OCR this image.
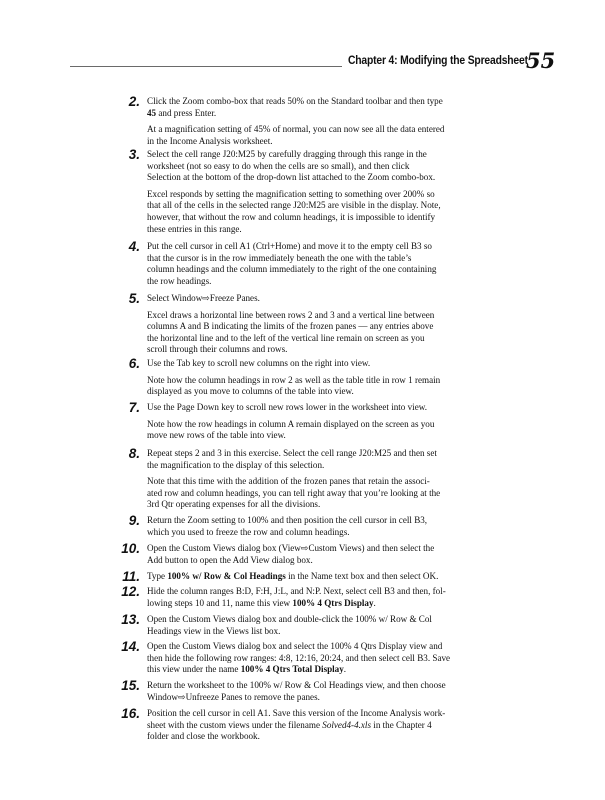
Chapter 4: Modifying the Spreadsheet
55
2. Click the Zoom combo-box that reads 50% on the Standard toolbar and then type
45 and press Enter.
At a magnification setting of 45% of normal, you can now see all the data entered
in the Income Analysis worksheet.
3. Select the cell range J20:M25 by carefully dragging through this range in the
worksheet (not so easy to do when the cells are so small), and then click
Selection at the bottom of the drop-down list attached to the Zoom combo-box.
Excel responds by setting the magnification setting to something over 200% so
that all of the cells in the selected range J20:M25 are visible in the display. Note,
however, that without the row and column headings, it is impossible to identify
these entries in this range.
4. Put the cell cursor in cell A1 (Ctrl+Home) and move it to the empty cell B3 so
that the cursor is in the row immediately beneath the one with the table’s
column headings and the column immediately to the right of the one containing
the row headings.
5. Select Window⇨Freeze Panes.
Excel draws a horizontal line between rows 2 and 3 and a vertical line between
columns A and B indicating the limits of the frozen panes — any entries above
the horizontal line and to the left of the vertical line remain on screen as you
scroll through their columns and rows.
6. Use the Tab key to scroll new columns on the right into view.
Note how the column headings in row 2 as well as the table title in row 1 remain
displayed as you move to columns of the table into view.
7. Use the Page Down key to scroll new rows lower in the worksheet into view.
Note how the row headings in column A remain displayed on the screen as you
move new rows of the table into view.
8. Repeat steps 2 and 3 in this exercise. Select the cell range J20:M25 and then set
the magnification to the display of this selection.
Note that this time with the addition of the frozen panes that retain the associ-
ated row and column headings, you can tell right away that you’re looking at the
3rd Qtr operating expenses for all the divisions.
9. Return the Zoom setting to 100% and then position the cell cursor in cell B3,
which you used to freeze the row and column headings.
10. Open the Custom Views dialog box (View⇨Custom Views) and then select the
Add button to open the Add View dialog box.
11. Type 100% w/ Row & Col Headings in the Name text box and then select OK.
12. Hide the column ranges B:D, F:H, J:L, and N:P. Next, select cell B3 and then, fol-
lowing steps 10 and 11, name this view 100% 4 Qtrs Display.
13. Open the Custom Views dialog box and double-click the 100% w/ Row & Col
Headings view in the Views list box.
14. Open the Custom Views dialog box and select the 100% 4 Qtrs Display view and
then hide the following row ranges: 4:8, 12:16, 20:24, and then select cell B3. Save
this view under the name 100% 4 Qtrs Total Display.
15. Return the worksheet to the 100% w/ Row & Col Headings view, and then choose
Window⇨Unfreeze Panes to remove the panes.
16. Position the cell cursor in cell A1. Save this version of the Income Analysis work-
sheet with the custom views under the filename Solved4-4.xls in the Chapter 4
folder and close the workbook.
